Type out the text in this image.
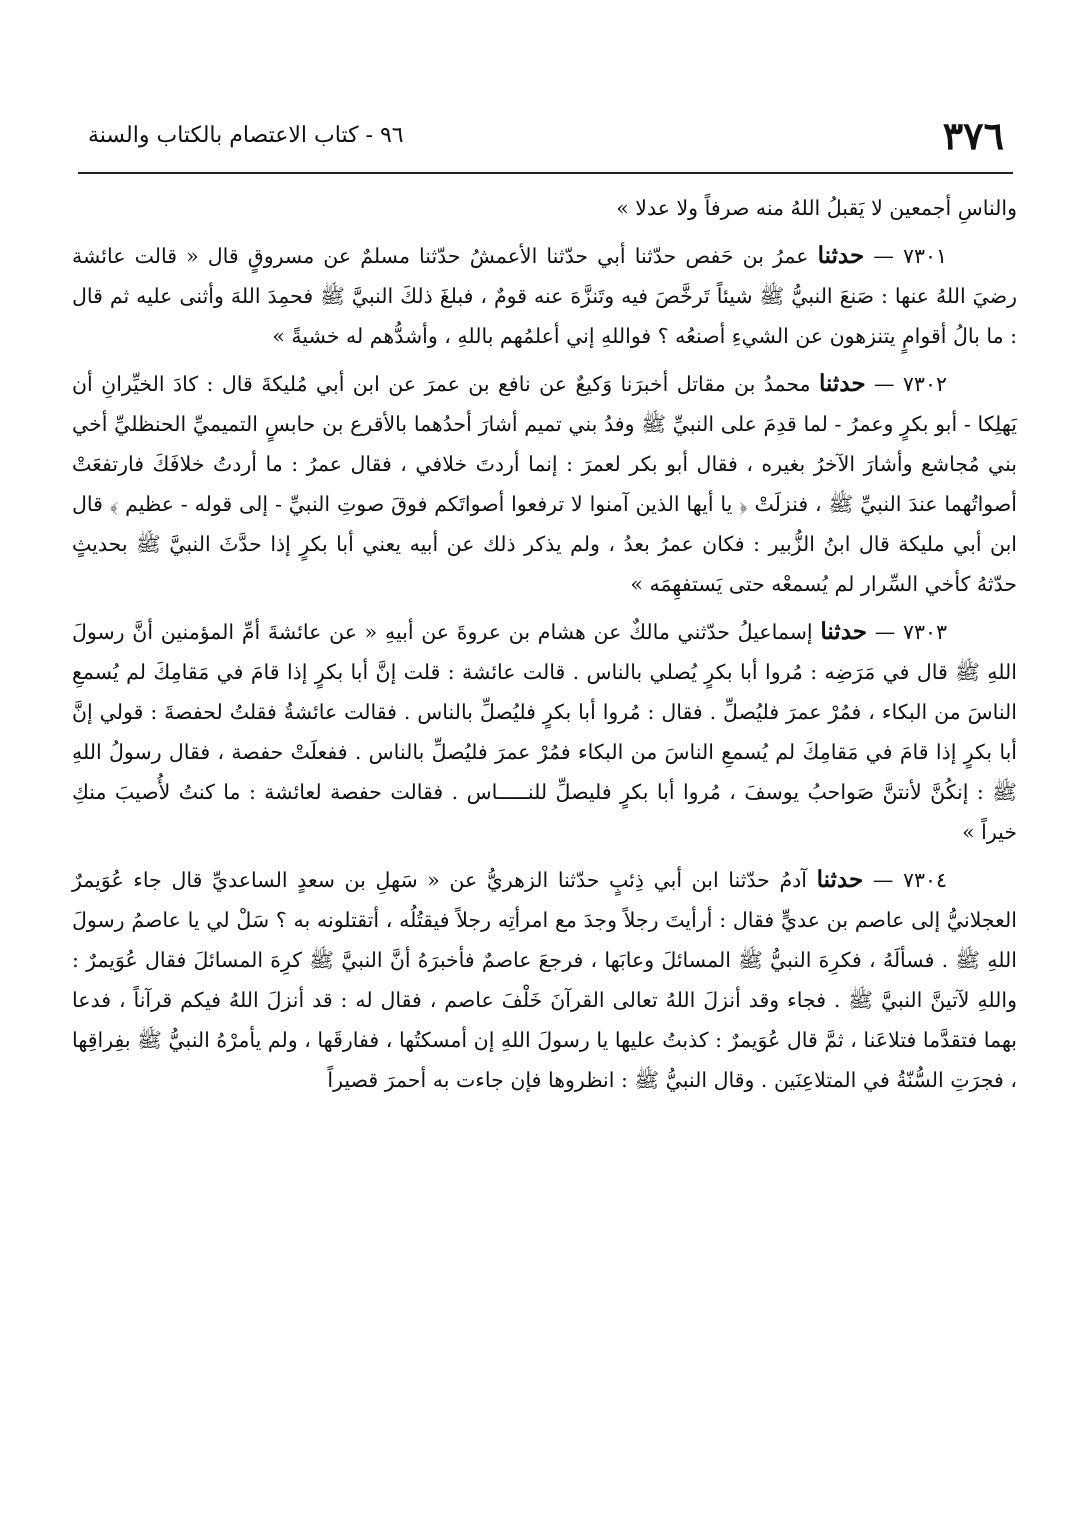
٣٧٦
٩٦ - كتاب الاعتصام بالكتاب والسنة

والناسِ أجمعين لا يَقبلُ اللهُ منه صرفاً ولا عدلا »

٧٣٠١ — حدثنا عمرُ بن حَفص حدّثنا أبي حدّثنا الأعمشُ حدّثنا مسلمٌ عن مسروقٍ قال « قالت عائشة رضيَ اللهُ عنها : صَنعَ النبيُّ ﷺ شيئاً تَرخَّصَ فيه وتَنزَّهَ عنه قومٌ ، فبلغَ ذلكَ النبيَّ ﷺ فحمِدَ اللهَ وأثنى عليه ثم قال : ما بالُ أقوامٍ يتنزهون عن الشيءِ أصنعُه ؟ فواللهِ إني أعلمُهم باللهِ ، وأشدُّهم له خشيةً »

٧٣٠٢ — حدثنا محمدُ بن مقاتل أخبرَنا وَكيعٌ عن نافع بن عمرَ عن ابن أبي مُليكةَ قال : كادَ الخيِّرانِ أن يَهلِكا - أبو بكرٍ وعمرُ - لما قدِمَ على النبيِّ ﷺ وفدُ بني تميم أشارَ أحدُهما بالأقرع بن حابسٍ التميميِّ الحنظليِّ أخي بني مُجاشع وأشارَ الآخرُ بغيره ، فقال أبو بكر لعمرَ : إنما أردتَ خلافي ، فقال عمرُ : ما أردتُ خلافَكَ فارتفعَتْ أصواتُهما عندَ النبيِّ ﷺ ، فنزلَتْ ﴿ يا أيها الذين آمنوا لا ترفعوا أصواتَكم فوقَ صوتِ النبيِّ - إلى قوله - عظيم ﴾ قال ابن أبي مليكة قال ابنُ الزُّبير : فكان عمرُ بعدُ ، ولم يذكر ذلك عن أبيه يعني أبا بكرٍ إذا حدَّثَ النبيَّ ﷺ بحديثٍ حدّثهُ كأخي السِّرار لم يُسمعْه حتى يَستفهِمَه »

٧٣٠٣ — حدثنا إسماعيلُ حدّثني مالكٌ عن هشام بن عروةَ عن أبيهِ « عن عائشةَ أمِّ المؤمنين أنَّ رسولَ اللهِ ﷺ قال في مَرَضِه : مُروا أبا بكرٍ يُصلي بالناس . قالت عائشة : قلت إنَّ أبا بكرٍ إذا قامَ في مَقامِكَ لم يُسمعِ الناسَ من البكاء ، فمُرْ عمرَ فليُصلِّ . فقال : مُروا أبا بكرٍ فليُصلِّ بالناس . فقالت عائشةُ فقلتُ لحفصةَ : قولي إنَّ أبا بكرٍ إذا قامَ في مَقامِكَ لم يُسمعِ الناسَ من البكاء فمُرْ عمرَ فليُصلِّ بالناس . ففعلَتْ حفصة ، فقال رسولُ اللهِ ﷺ : إنكُنَّ لأنتنَّ صَواحبُ يوسفَ ، مُروا أبا بكرٍ فليصلِّ للنـــــاس . فقالت حفصة لعائشة : ما كنتُ لأُصيبَ منكِ خيراً »

٧٣٠٤ — حدثنا آدمُ حدّثنا ابن أبي ذِئبٍ حدّثنا الزهريُّ عن « سَهلِ بن سعدٍ الساعديِّ قال جاء عُوَيمرٌ العجلانيُّ إلى عاصم بن عديٍّ فقال : أرأيتَ رجلاً وجدَ مع امرأتِه رجلاً فيقتُلُه ، أتقتلونه به ؟ سَلْ لي يا عاصمُ رسولَ اللهِ ﷺ . فسألَهُ ، فكرِهَ النبيُّ ﷺ المسائلَ وعابَها ، فرجعَ عاصمٌ فأخبرَهُ أنَّ النبيَّ ﷺ كرِهَ المسائلَ فقال عُوَيمرٌ : واللهِ لآتينَّ النبيَّ ﷺ . فجاء وقد أنزلَ اللهُ تعالى القرآنَ خَلْفَ عاصم ، فقال له : قد أنزلَ اللهُ فيكم قرآناً ، فدعا بهما فتقدَّما فتلاعَنا ، ثمَّ قال عُوَيمرٌ : كذبتُ عليها يا رسولَ اللهِ إن أمسكتُها ، ففارقَها ، ولم يأمرْهُ النبيُّ ﷺ بفِراقِها ، فجرَتِ السُّنّةُ في المتلاعِنَين . وقال النبيُّ ﷺ : انظروها فإن جاءت به أحمرَ قصيراً
